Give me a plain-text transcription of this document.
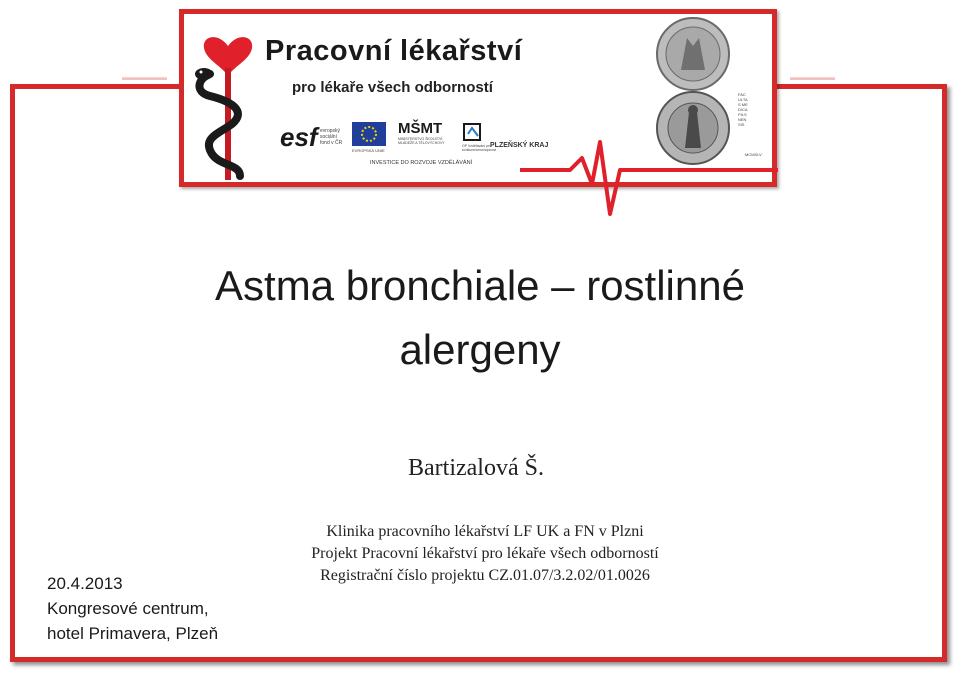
▬▬▬▬▬	▬▬▬▬▬
Pracovní lékařství
pro lékaře všech odborností
esf evropský sociální fond v ČR
EVROPSKÁ UNIE
MŠMT
MINISTERSTVO ŠKOLSTVÍ, MLÁDEŽE A TĚLOVÝCHOVY
OP Vzdělávání pro konkurenceschopnost
PLZEŇSKÝ KRAJ
INVESTICE DO ROZVOJE VZDĚLÁVÁNÍ
FACULTAS MEDICA PILSNENSIS
MCMXLV
Astma bronchiale – rostlinné
alergeny
Bartizalová Š.
Klinika pracovního lékařství LF UK a FN v Plzni
Projekt Pracovní lékařství pro lékaře všech odborností
Registrační číslo projektu CZ.01.07/3.2.02/01.0026
20.4.2013
Kongresové centrum,
hotel Primavera, Plzeň
